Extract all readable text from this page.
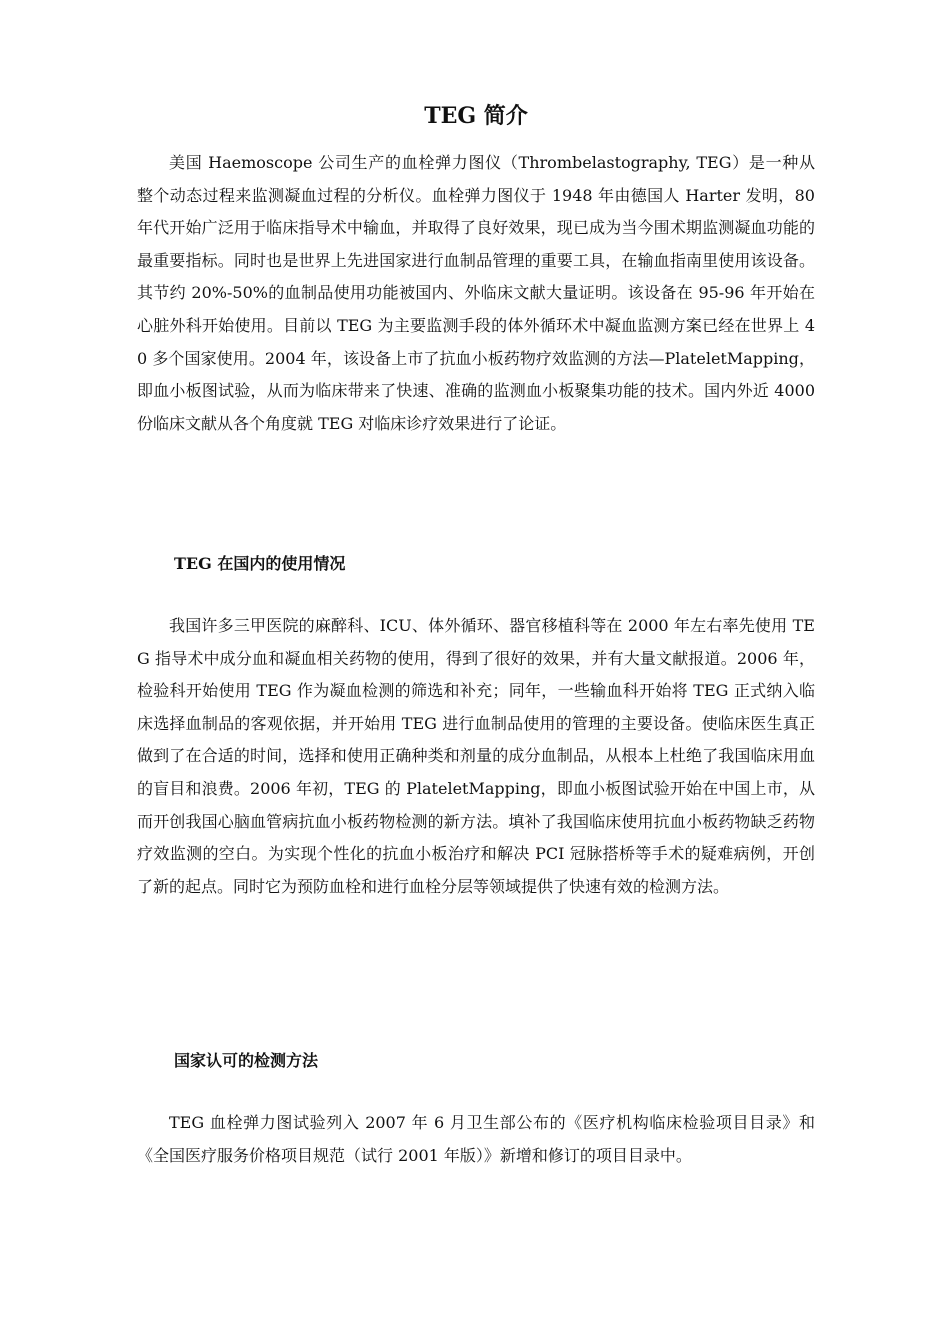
TEG 简介

美国 Haemoscope 公司生产的血栓弹力图仪（Thrombelastography, TEG）是一种从整个动态过程来监测凝血过程的分析仪。血栓弹力图仪于 1948 年由德国人 Harter 发明，80 年代开始广泛用于临床指导术中输血，并取得了良好效果，现已成为当今围术期监测凝血功能的最重要指标。同时也是世界上先进国家进行血制品管理的重要工具，在输血指南里使用该设备。其节约 20%-50%的血制品使用功能被国内、外临床文献大量证明。该设备在 95-96 年开始在心脏外科开始使用。目前以 TEG 为主要监测手段的体外循环术中凝血监测方案已经在世界上 40 多个国家使用。2004 年，该设备上市了抗血小板药物疗效监测的方法—PlateletMapping，即血小板图试验，从而为临床带来了快速、准确的监测血小板聚集功能的技术。国内外近 4000 份临床文献从各个角度就 TEG 对临床诊疗效果进行了论证。

TEG 在国内的使用情况

我国许多三甲医院的麻醉科、ICU、体外循环、器官移植科等在 2000 年左右率先使用 TEG 指导术中成分血和凝血相关药物的使用，得到了很好的效果，并有大量文献报道。2006 年，检验科开始使用 TEG 作为凝血检测的筛选和补充；同年，一些输血科开始将 TEG 正式纳入临床选择血制品的客观依据，并开始用 TEG 进行血制品使用的管理的主要设备。使临床医生真正做到了在合适的时间，选择和使用正确种类和剂量的成分血制品，从根本上杜绝了我国临床用血的盲目和浪费。2006 年初，TEG 的 PlateletMapping，即血小板图试验开始在中国上市，从而开创我国心脑血管病抗血小板药物检测的新方法。填补了我国临床使用抗血小板药物缺乏药物疗效监测的空白。为实现个性化的抗血小板治疗和解决 PCI 冠脉搭桥等手术的疑难病例，开创了新的起点。同时它为预防血栓和进行血栓分层等领域提供了快速有效的检测方法。

国家认可的检测方法

TEG 血栓弹力图试验列入 2007 年 6 月卫生部公布的《医疗机构临床检验项目目录》和《全国医疗服务价格项目规范（试行 2001 年版）》新增和修订的项目目录中。
